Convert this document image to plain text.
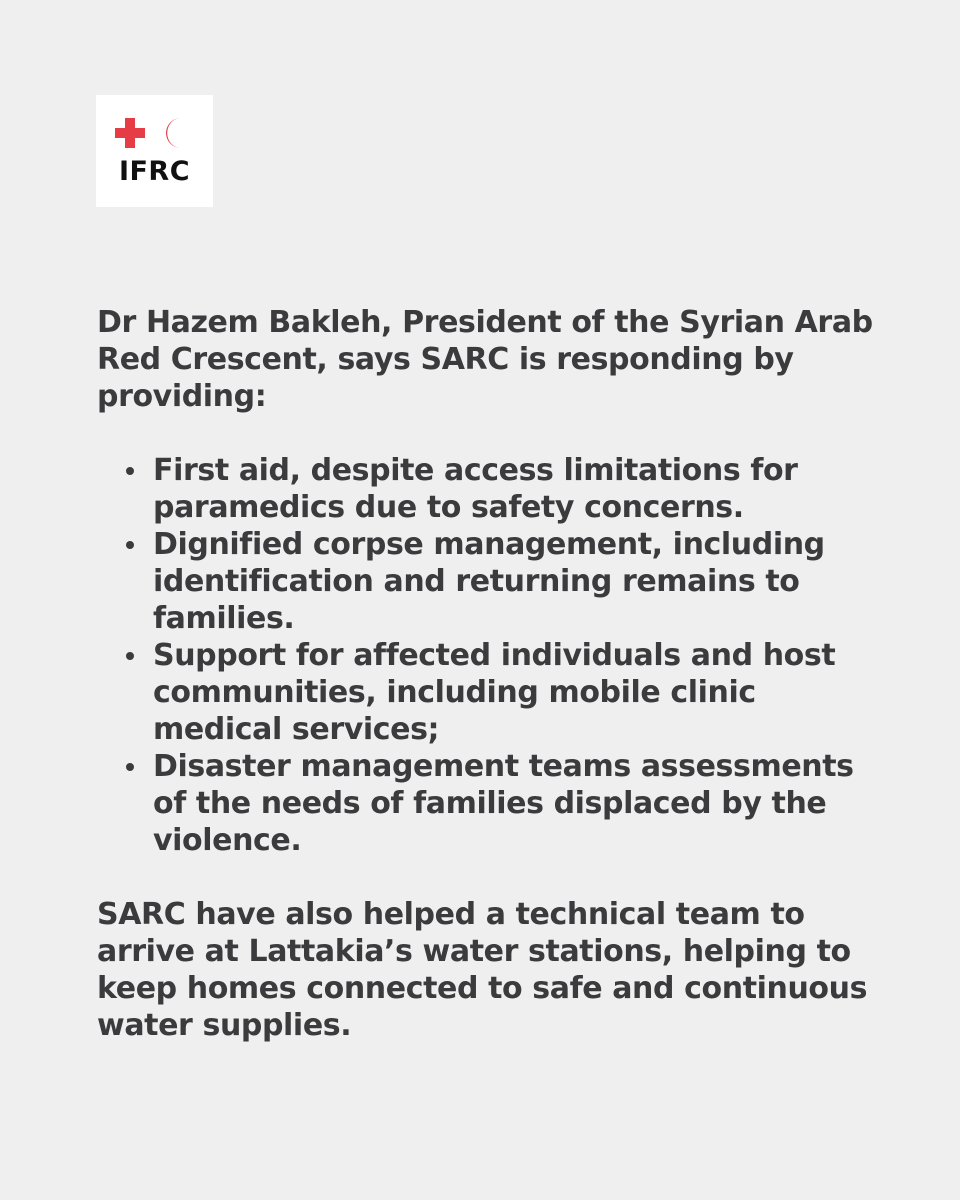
IFRC

Dr Hazem Bakleh, President of the Syrian Arab Red Crescent, says SARC is responding by providing:

First aid, despite access limitations for paramedics due to safety concerns.
Dignified corpse management, including identification and returning remains to families.
Support for affected individuals and host communities, including mobile clinic medical services;
Disaster management teams assessments of the needs of families displaced by the violence.

SARC have also helped a technical team to arrive at Lattakia’s water stations, helping to keep homes connected to safe and continuous water supplies.
